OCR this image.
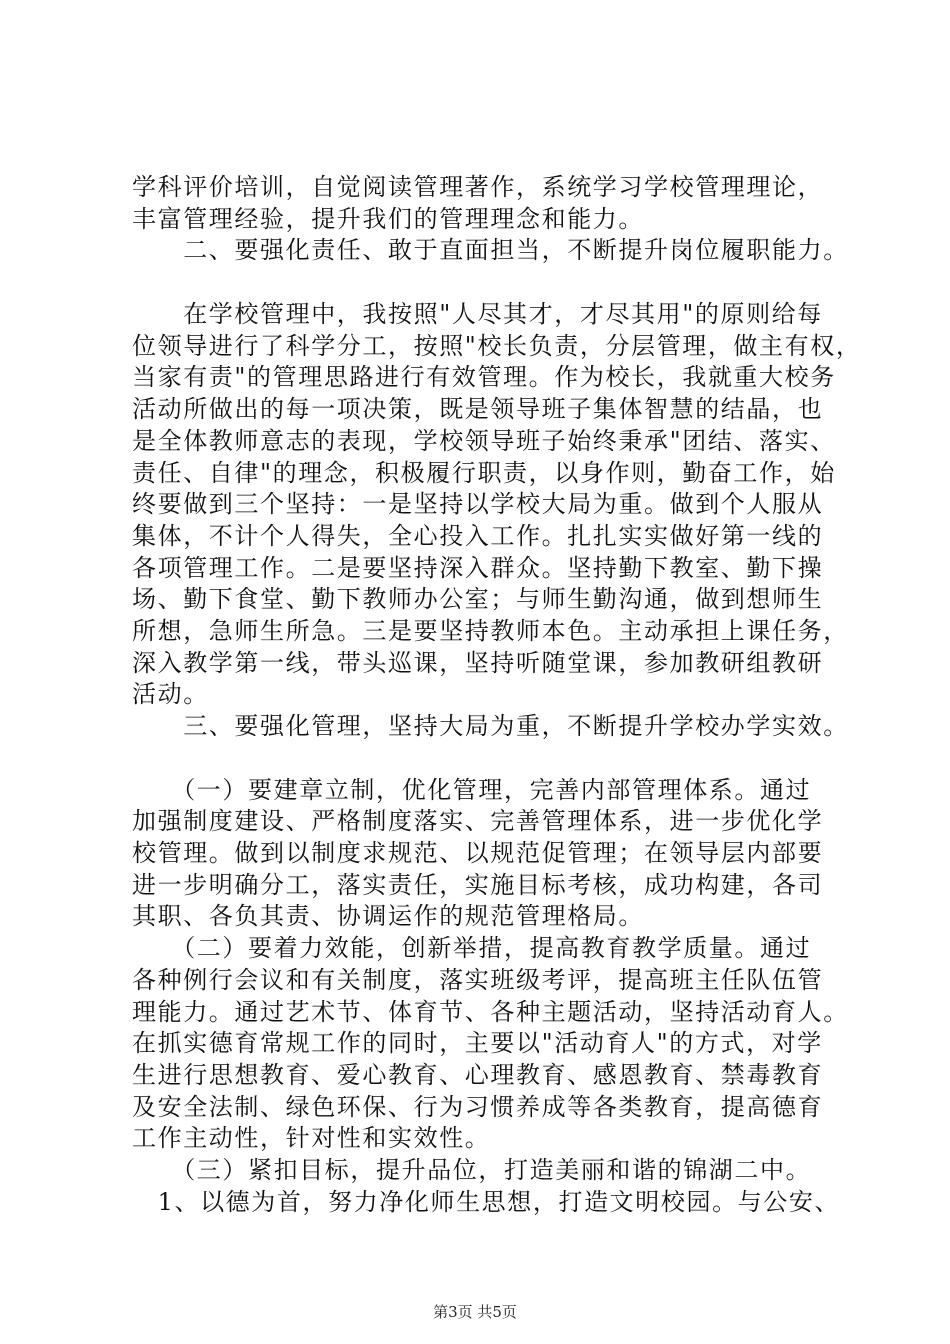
学科评价培训，自觉阅读管理著作，系统学习学校管理理论，
丰富管理经验，提升我们的管理理念和能力。
　　二、要强化责任、敢于直面担当，不断提升岗位履职能力。
　　在学校管理中，我按照"人尽其才，才尽其用"的原则给每
位领导进行了科学分工，按照"校长负责，分层管理，做主有权，
当家有责"的管理思路进行有效管理。作为校长，我就重大校务
活动所做出的每一项决策，既是领导班子集体智慧的结晶，也
是全体教师意志的表现，学校领导班子始终秉承"团结、落实、
责任、自律"的理念，积极履行职责，以身作则，勤奋工作，始
终要做到三个坚持：一是坚持以学校大局为重。做到个人服从
集体，不计个人得失，全心投入工作。扎扎实实做好第一线的
各项管理工作。二是要坚持深入群众。坚持勤下教室、勤下操
场、勤下食堂、勤下教师办公室；与师生勤沟通，做到想师生
所想，急师生所急。三是要坚持教师本色。主动承担上课任务，
深入教学第一线，带头巡课，坚持听随堂课，参加教研组教研
活动。
　　三、要强化管理，坚持大局为重，不断提升学校办学实效。
　　（一）要建章立制，优化管理，完善内部管理体系。通过
加强制度建设、严格制度落实、完善管理体系，进一步优化学
校管理。做到以制度求规范、以规范促管理；在领导层内部要
进一步明确分工，落实责任，实施目标考核，成功构建，各司
其职、各负其责、协调运作的规范管理格局。
　　（二）要着力效能，创新举措，提高教育教学质量。通过
各种例行会议和有关制度，落实班级考评，提高班主任队伍管
理能力。通过艺术节、体育节、各种主题活动，坚持活动育人。
在抓实德育常规工作的同时，主要以"活动育人"的方式，对学
生进行思想教育、爱心教育、心理教育、感恩教育、禁毒教育
及安全法制、绿色环保、行为习惯养成等各类教育，提高德育
工作主动性，针对性和实效性。
　　（三）紧扣目标，提升品位，打造美丽和谐的锦湖二中。
　1、以德为首，努力净化师生思想，打造文明校园。与公安、
第3页 共5页
